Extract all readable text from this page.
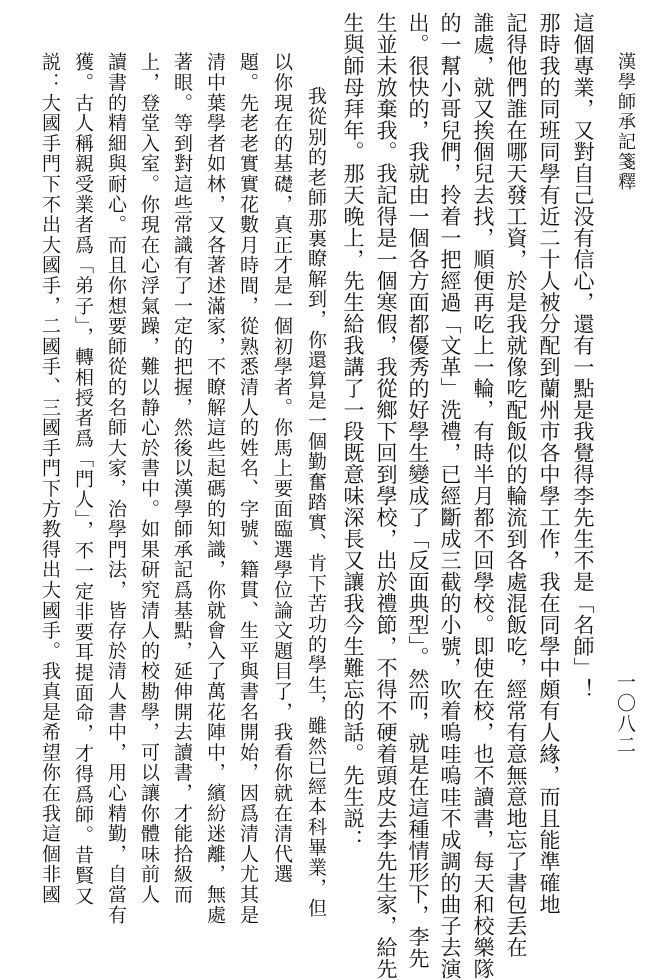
漢學師承記箋釋

這個專業，又對自己没有信心，還有一點是我覺得李先生不是「名師」！

那時我的同班同學有近二十人被分配到蘭州市各中學工作，我在同學中頗有人緣，而且能準確地

記得他們誰在哪天發工資，於是我就像吃配飯似的輪流到各處混飯吃，經常有意無意地忘了書包丢在

誰處，就又挨個兒去找，順便再吃上一輪，有時半月都不回學校。即使在校，也不讀書，每天和校樂隊

的一幫小哥兒們，拎着一把經過「文革」洗禮，已經斷成三截的小號，吹着嗚哇嗚哇不成調的曲子去演

出。很快的，我就由一個各方面都優秀的好學生變成了「反面典型」。然而，就是在這種情形下，李先

生並未放棄我。我記得是一個寒假，我從鄉下回到學校，出於禮節，不得不硬着頭皮去李先生家，給先

生與師母拜年。那天晚上，先生給我講了一段既意味深長又讓我今生難忘的話。先生説：

我從别的老師那裏瞭解到，你還算是一個勤奮踏實、肯下苦功的學生，雖然已經本科畢業，但

以你現在的基礎，真正才是一個初學者。你馬上要面臨選學位論文題目了，我看你就在清代選

題。先老老實實花數月時間，從熟悉清人的姓名、字號、籍貫、生平與書名開始，因爲清人尤其是

清中葉學者如林，又各著述滿家，不瞭解這些起碼的知識，你就會入了萬花陣中，繽紛迷離，無處

著眼。等到對這些常識有了一定的把握，然後以漢學師承記爲基點，延伸開去讀書，才能拾級而

上，登堂入室。你現在心浮氣躁，難以静心於書中。如果研究清人的校勘學，可以讓你體味前人

讀書的精細與耐心。而且你想要師從的名師大家，治學門法，皆存於清人書中，用心精勤，自當有

獲。古人稱親受業者爲「弟子」，轉相授者爲「門人」，不一定非要耳提面命，才得爲師。昔賢又

説：大國手門下不出大國手，二國手、三國手門下方教得出大國手。我真是希望你在我這個非國	一〇八二
